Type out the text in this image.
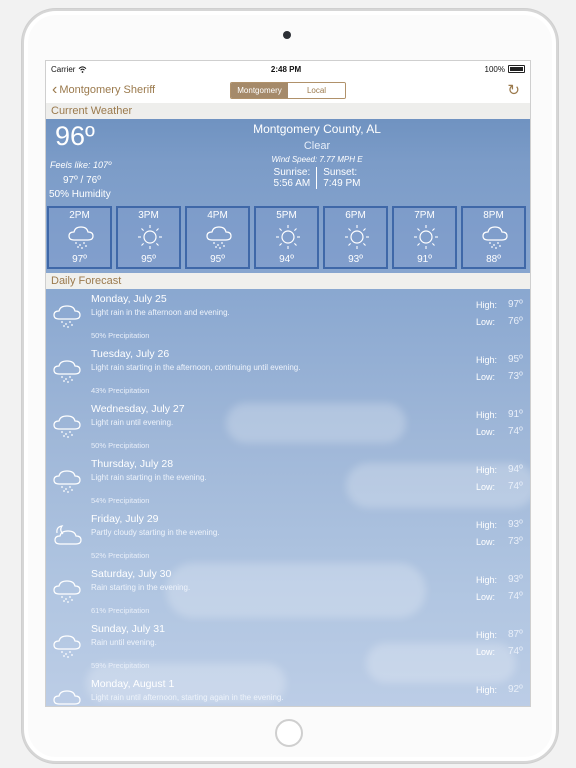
Carrier	2:48 PM	100%
‹ Montgomery Sheriff	Montgomery	Local	↻
Current Weather
96º
Feels like: 107º
97º / 76º
50% Humidity
Montgomery County, AL
Clear
Wind Speed: 7.77 MPH E
Sunrise:
5:56 AM
Sunset:
7:49 PM
2PM
97º
3PM
95º
4PM
95º
5PM
94º
6PM
93º
7PM
91º
8PM
88º
Daily Forecast
Monday, July 25
Light rain in the afternoon and evening.
50% Precipitation
High: 97º
Low: 76º
Tuesday, July 26
Light rain starting in the afternoon, continuing until evening.
43% Precipitation
High: 95º
Low: 73º
Wednesday, July 27
Light rain until evening.
50% Precipitation
High: 91º
Low: 74º
Thursday, July 28
Light rain starting in the evening.
54% Precipitation
High: 94º
Low: 74º
Friday, July 29
Partly cloudy starting in the evening.
52% Precipitation
High: 93º
Low: 73º
Saturday, July 30
Rain starting in the evening.
61% Precipitation
High: 93º
Low: 74º
Sunday, July 31
Rain until evening.
59% Precipitation
High: 87º
Low: 74º
Monday, August 1
Light rain until afternoon, starting again in the evening.
High: 92º
